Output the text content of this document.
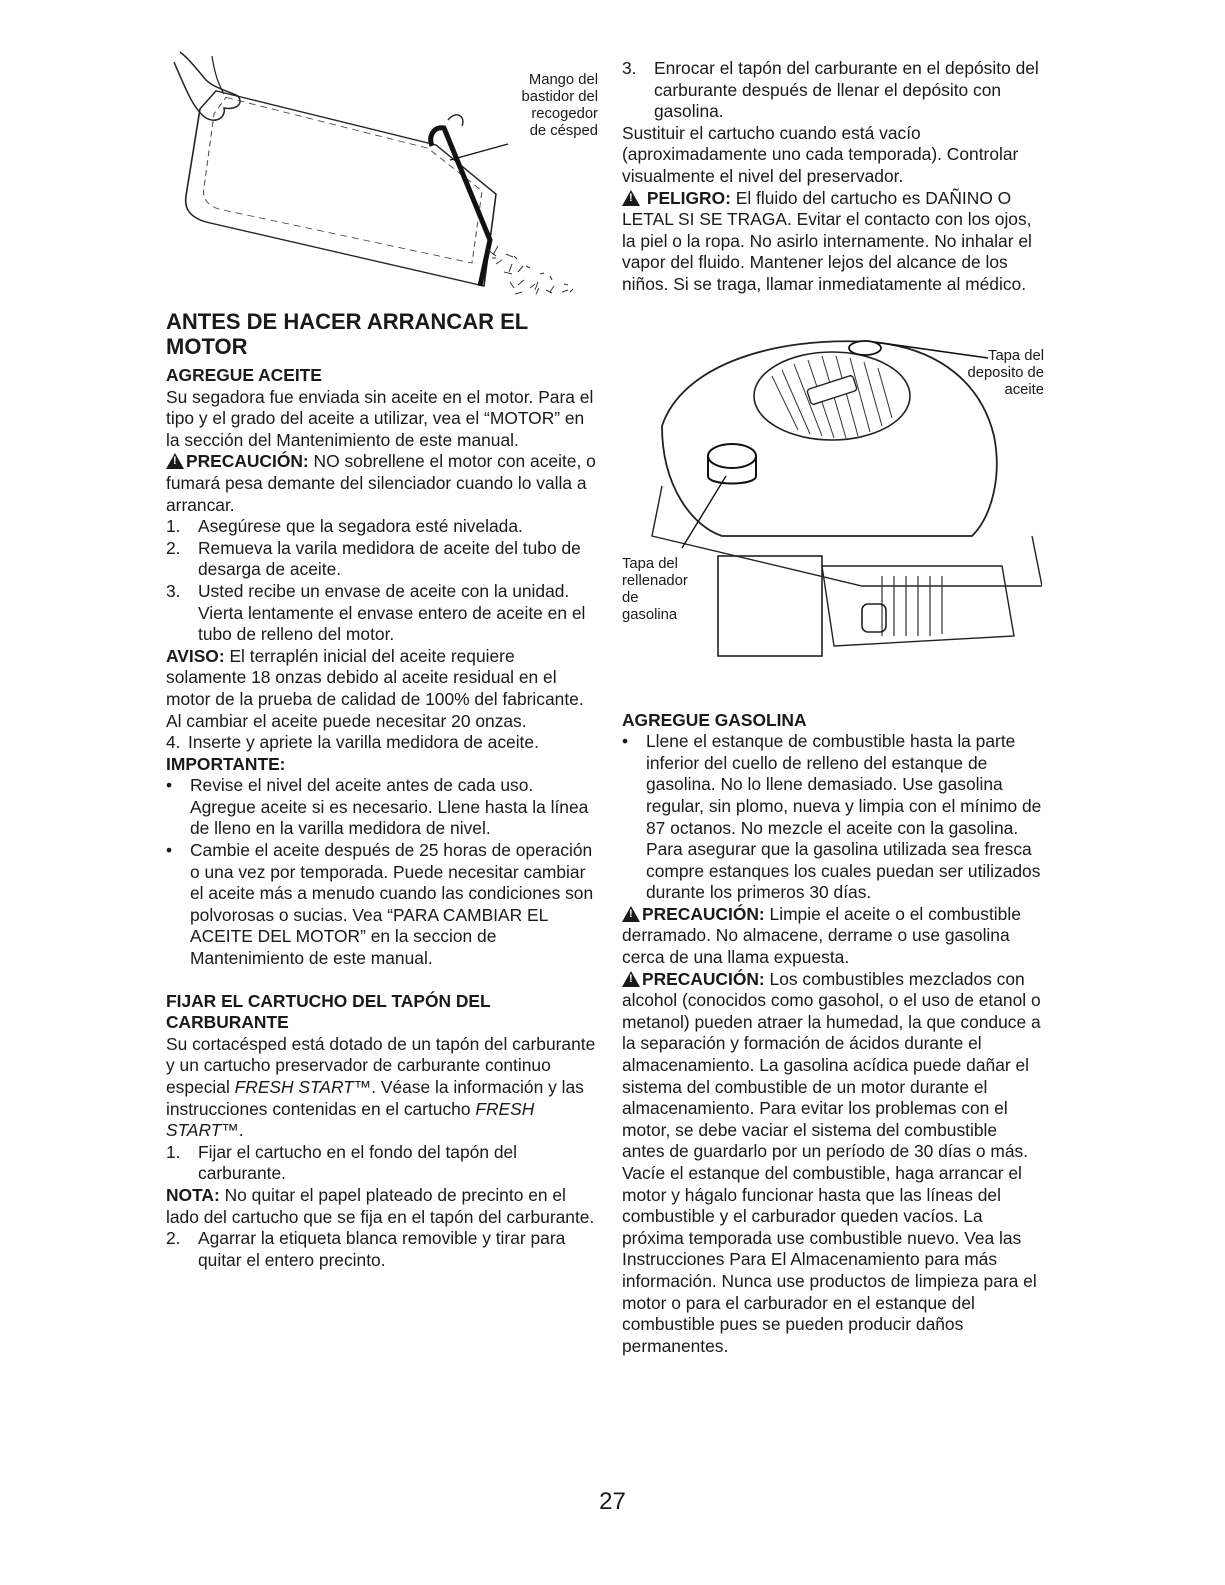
Mango del
bastidor del
recogedor
de césped
ANTES DE HACER ARRANCAR EL MOTOR
AGREGUE ACEITE

Su segadora fue enviada sin aceite en el motor. Para el tipo y el grado del aceite a utilizar, vea el “MOTOR” en la sección del Mantenimiento de este manual.

!PRECAUCIÓN: NO sobrellene el motor con aceite, o fumará pesa demante del silenciador cuando lo valla a arrancar.

1. Asegúrese que la segadora esté nivelada.

2. Remueva la varila medidora de aceite del tubo de desarga de aceite.

3. Usted recibe un envase de aceite con la unidad. Vierta lentamente el envase entero de aceite en el tubo de relleno del motor.

AVISO: El terraplén inicial del aceite requiere solamente 18 onzas debido al aceite residual en el motor de la prueba de calidad de 100% del fabricante. Al cambiar el aceite puede necesitar 20 onzas.

4. Inserte y apriete la varilla medidora de aceite.

IMPORTANTE:

• Revise el nivel del aceite antes de cada uso. Agregue aceite si es necesario. Llene hasta la línea de lleno en la varilla medidora de nivel.

• Cambie el aceite después de 25 horas de operación o una vez por temporada. Puede necesitar cambiar el aceite más a menudo cuando las condiciones son polvorosas o sucias. Vea “PARA CAMBIAR EL ACEITE DEL MOTOR” en la seccion de Mantenimiento de este manual.

FIJAR EL CARTUCHO DEL TAPÓN DEL CARBURANTE

Su cortacésped está dotado de un tapón del carburante y un cartucho preservador de carburante continuo especial FRESH START™. Véase la información y las instrucciones contenidas en el cartucho FRESH START™.

1. Fijar el cartucho en el fondo del tapón del carburante.

NOTA: No quitar el papel plateado de precinto en el lado del cartucho que se fija en el tapón del carburante.

2. Agarrar la etiqueta blanca removible y tirar para quitar el entero precinto.

3. Enrocar el tapón del carburante en el depósito del carburante después de llenar el depósito con gasolina.

Sustituir el cartucho cuando está vacío (aproximadamente uno cada temporada). Controlar visualmente el nivel del preservador.

! PELIGRO: El fluido del cartucho es DAÑINO O LETAL SI SE TRAGA. Evitar el contacto con los ojos, la piel o la ropa. No asirlo internamente. No inhalar el vapor del fluido. Mantener lejos del alcance de los niños. Si se traga, llamar inmediatamente al médico.

Tapa del
deposito de
aceite
Tapa del
rellenador
de
gasolina
AGREGUE GASOLINA

• Llene el estanque de combustible hasta la parte inferior del cuello de relleno del estanque de gasolina. No lo llene demasiado. Use gasolina regular, sin plomo, nueva y limpia con el mínimo de 87 octanos. No mezcle el aceite con la gasolina. Para asegurar que la gasolina utilizada sea fresca compre estanques los cuales puedan ser utilizados durante los primeros 30 días.

!PRECAUCIÓN: Limpie el aceite o el combustible derramado. No almacene, derrame o use gasolina cerca de una llama expuesta.

!PRECAUCIÓN: Los combustibles mezclados con alcohol (conocidos como gasohol, o el uso de etanol o metanol) pueden atraer la humedad, la que conduce a la separación y formación de ácidos durante el almacenamiento. La gasolina acídica puede dañar el sistema del combustible de un motor durante el almacenamiento. Para evitar los problemas con el motor, se debe vaciar el sistema del combustible antes de guardarlo por un período de 30 días o más. Vacíe el estanque del combustible, haga arrancar el motor y hágalo funcionar hasta que las líneas del combustible y el carburador queden vacíos. La próxima temporada use combustible nuevo. Vea las Instrucciones Para El Almacenamiento para más información. Nunca use productos de limpieza para el motor o para el carburador en el estanque del combustible pues se pueden producir daños permanentes.

27
